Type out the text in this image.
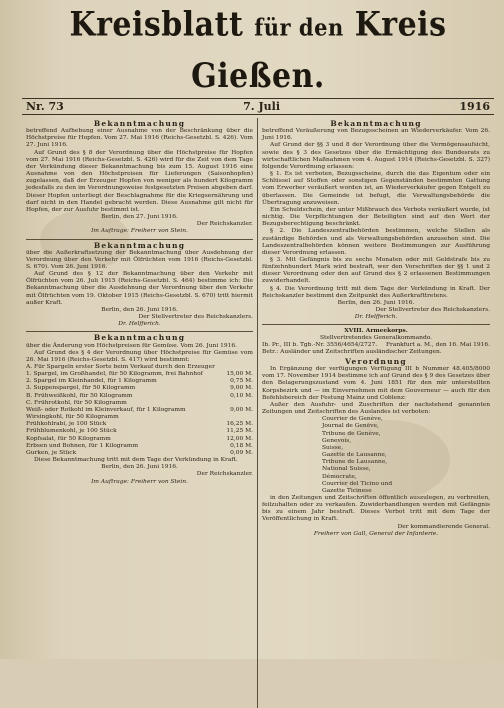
Kreisblatt für den Kreis Gießen.
Nr. 73	7. Juli	1916
Bekanntmachung

betreffend Aufhebung einer Ausnahme von der Beschränkung über die Höchstpreise für Hopfen. Vom 27. Mai 1916 (Reichs-Gesetzbl. S. 426). Vom 27. Juni 1916.

Auf Grund des § 8 der Verordnung über die Höchstpreise für Hopfen vom 27. Mai 1916 (Reichs-Gesetzbl. S. 426) wird für die Zeit von dem Tage der Verkündung dieser Bekanntmachung bis zum 15. August 1916 eine Ausnahme von den Höchstpreisen für Lieferungen (Saisonhopfen) zugelassen, daß der Erzeuger Hopfen von weniger als hundert Kilogramm jedesfalls zu den im Verordnungsweise festgesetzten Preisen abgeben darf. Dieser Hopfen unterliegt der Beschlagnahme für die Kriegsernährung und darf nicht in den Handel gebracht werden. Diese Ausnahme gilt nicht für Hopfen, der zur Ausfuhr bestimmt ist.

Berlin, den 27. Juni 1916.

Der Reichskanzler.

Im Auftrage: Freiherr von Stein.

Bekanntmachung

über die Außerkraftsetzung der Bekanntmachung über Ausdehnung der Verordnung über den Verkehr mit Ölfrüchten vom 1916 (Reichs-Gesetzbl. S. 670). Vom 26. Juni 1916.

Auf Grund des § 12 der Bekanntmachung über den Verkehr mit Ölfrüchten vom 26. Juli 1915 (Reichs-Gesetzbl. S. 464) bestimme ich: Die Bekanntmachung über die Ausdehnung der Verordnung über den Verkehr mit Ölfrüchten vom 19. Oktober 1915 (Reichs-Gesetzbl. S. 670) tritt hiermit außer Kraft.

Berlin, den 26. Juni 1916.

Der Stellvertreter des Reichskanzlers.

Dr. Helfferich.

Bekanntmachung

über die Änderung von Höchstpreisen für Gemüse. Vom 26. Juni 1916.

Auf Grund des § 4 der Verordnung über Höchstpreise für Gemüse vom 26. Mai 1916 (Reichs-Gesetzbl. S. 417) wird bestimmt:

A. Für Spargeln erster Sorte beim Verkauf durch den Erzeuger
1. Spargel, im Großhandel, für 50 Kilogramm, frei Bahnhof	15,00 M.
2. Spargel im Kleinhandel, für 1 Kilogramm	0,75 M.
3. Suppenspargel, für 50 Kilogramm	9,00 M.
B. Frühweißkohl, für 50 Kilogramm	0,10 M.
C. Frührotkohl, für 50 Kilogramm
Weiß- oder Rotkohl im Kleinverkauf, für 1 Kilogramm	9,00 M.
Wirsingkohl, für 50 Kilogramm
Frühkohlrabi, je 100 Stück	16,25 M.
Frühblumenkohl, je 100 Stück	11,25 M.
Kopfsalat, für 50 Kilogramm	12,00 M.
Erbsen und Bohnen, für 1 Kilogramm	0,18 M.
Gurken, je Stück	0,09 M.

Diese Bekanntmachung tritt mit dem Tage der Verkündung in Kraft.

Berlin, den 26. Juni 1916.

Der Reichskanzler.

Im Auftrage: Freiherr von Stein.

Bekanntmachung

betreffend Veräußerung von Bezugsscheinen an Wiederverkäufer. Vom 26. Juni 1916.

Auf Grund der §§ 3 und 8 der Verordnung über die Vermögensaufsicht, sowie des § 3 des Gesetzes über die Ermächtigung des Bundesrats zu wirtschaftlichen Maßnahmen vom 4. August 1914 (Reichs-Gesetzbl. S. 327) folgende Verordnung erlassen:

§ 1. Es ist verboten, Bezugsscheine, durch die das Eigentum oder ein Schlüssel auf Stoffen oder sonstigen Gegenständen bestimmten Gattung vom Erwerber veräußert worden ist, an Wiederverkäufer gegen Entgelt zu überlassen. Die Gemeinde ist befugt, die Verwaltungsbehörde die Übertragung anzuweisen.

Ein Schuldschein, der unter Mißbrauch des Verbots veräußert wurde, ist nichtig. Die Verpflichtungen der Beteiligten sind auf den Wert der Bezugsberechtigung beschränkt.

§ 2. Die Landeszentralbehörden bestimmen, welche Stellen als zuständige Behörden und als Verwaltungsbehörden anzusehen sind. Die Landeszentralbehörden können weitere Bestimmungen zur Ausführung dieser Verordnung erlassen.

§ 3. Mit Gefängnis bis zu sechs Monaten oder mit Geldstrafe bis zu fünfzehnhundert Mark wird bestraft, wer den Vorschriften der §§ 1 und 2 dieser Verordnung oder den auf Grund des § 2 erlassenen Bestimmungen zuwiderhandelt.

§ 4. Die Verordnung tritt mit dem Tage der Verkündung in Kraft. Der Reichskanzler bestimmt den Zeitpunkt des Außerkrafttretens.

Berlin, den 26. Juni 1916.

Der Stellvertreter des Reichskanzlers.

Dr. Helfferich.

XVIII. Armeekorps.

Stellvertretendes Generalkommando.

Ib. Pr., III b. Tgb.-Nr. 3556/4654/2727. Frankfurt a. M., den 16. Mai 1916.

Betr.: Ausländer und Zeitschriften ausländischer Zeitungen.

Verordnung

In Ergänzung der verfügungen Verfügung III b Nummer 48.405/8000 vom 17. November 1914 bestimme ich auf Grund des § 9 des Gesetzes über den Belagerungszustand vom 4. Juni 1851 für den mir unterstellten Korpsbezirk und — im Einvernehmen mit dem Gouverneur — auch für den Befehlsbereich der Festung Mainz und Coblenz:

Außer den Ausfuhr- und Zuschriften der nachstehend genannten Zeitungen und Zeitschriften des Auslandes ist verboten:

Courrier de Genève,

Journal de Genève,

Tribune de Genève,

Genevois,

Suisse,

Gazette de Lausanne,

Tribune de Lausanne,

National Suisse,

Démocrate,

Courrier del Ticino und

Gazette Ticinese

in den Zeitungen und Zeitschriften öffentlich auszulegen, zu verbreiten, feilzuhalten oder zu verkaufen. Zuwiderhandlungen werden mit Gefängnis bis zu einem Jahr bestraft. Dieses Verbot tritt mit dem Tage der Veröffentlichung in Kraft.

Der kommandierende General.

Freiherr von Gall, General der Infanterie.
